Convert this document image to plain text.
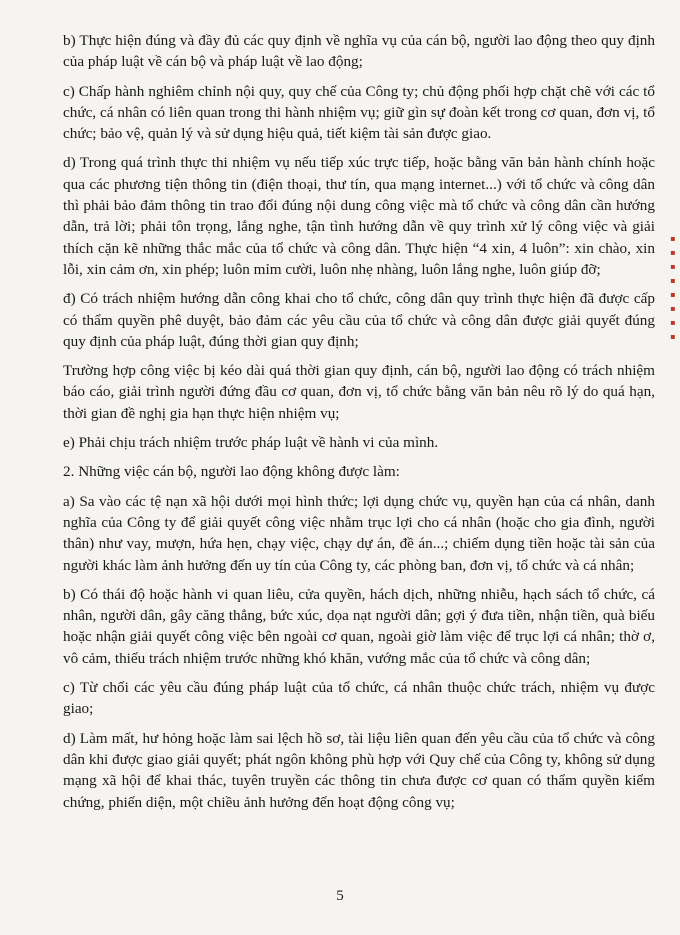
b) Thực hiện đúng và đầy đủ các quy định về nghĩa vụ của cán bộ, người lao động theo quy định của pháp luật về cán bộ và pháp luật về lao động;

c) Chấp hành nghiêm chỉnh nội quy, quy chế của Công ty; chủ động phối hợp chặt chẽ với các tổ chức, cá nhân có liên quan trong thi hành nhiệm vụ; giữ gìn sự đoàn kết trong cơ quan, đơn vị, tổ chức; bảo vệ, quản lý và sử dụng hiệu quả, tiết kiệm tài sản được giao.

d) Trong quá trình thực thi nhiệm vụ nếu tiếp xúc trực tiếp, hoặc bằng văn bản hành chính hoặc qua các phương tiện thông tin (điện thoại, thư tín, qua mạng internet...) với tổ chức và công dân thì phải bảo đảm thông tin trao đổi đúng nội dung công việc mà tổ chức và công dân cần hướng dẫn, trả lời; phải tôn trọng, lắng nghe, tận tình hướng dẫn về quy trình xử lý công việc và giải thích cặn kẽ những thắc mắc của tổ chức và công dân. Thực hiện “4 xin, 4 luôn”: xin chào, xin lỗi, xin cảm ơn, xin phép; luôn mỉm cười, luôn nhẹ nhàng, luôn lắng nghe, luôn giúp đỡ;

đ) Có trách nhiệm hướng dẫn công khai cho tổ chức, công dân quy trình thực hiện đã được cấp có thẩm quyền phê duyệt, bảo đảm các yêu cầu của tổ chức và công dân được giải quyết đúng quy định của pháp luật, đúng thời gian quy định;

Trường hợp công việc bị kéo dài quá thời gian quy định, cán bộ, người lao động có trách nhiệm báo cáo, giải trình người đứng đầu cơ quan, đơn vị, tổ chức bằng văn bản nêu rõ lý do quá hạn, thời gian đề nghị gia hạn thực hiện nhiệm vụ;

e) Phải chịu trách nhiệm trước pháp luật về hành vi của mình.

2. Những việc cán bộ, người lao động không được làm:

a) Sa vào các tệ nạn xã hội dưới mọi hình thức; lợi dụng chức vụ, quyền hạn của cá nhân, danh nghĩa của Công ty để giải quyết công việc nhằm trục lợi cho cá nhân (hoặc cho gia đình, người thân) như vay, mượn, hứa hẹn, chạy việc, chạy dự án, đề án...; chiếm dụng tiền hoặc tài sản của người khác làm ảnh hưởng đến uy tín của Công ty, các phòng ban, đơn vị, tổ chức và cá nhân;

b) Có thái độ hoặc hành vi quan liêu, cửa quyền, hách dịch, những nhiễu, hạch sách tổ chức, cá nhân, người dân, gây căng thẳng, bức xúc, dọa nạt người dân; gợi ý đưa tiền, nhận tiền, quà biếu hoặc nhận giải quyết công việc bên ngoài cơ quan, ngoài giờ làm việc để trục lợi cá nhân; thờ ơ, vô cảm, thiếu trách nhiệm trước những khó khăn, vướng mắc của tổ chức và công dân;

c) Từ chối các yêu cầu đúng pháp luật của tổ chức, cá nhân thuộc chức trách, nhiệm vụ được giao;

d) Làm mất, hư hỏng hoặc làm sai lệch hồ sơ, tài liệu liên quan đến yêu cầu của tổ chức và công dân khi được giao giải quyết; phát ngôn không phù hợp với Quy chế của Công ty, không sử dụng mạng xã hội để khai thác, tuyên truyền các thông tin chưa được cơ quan có thẩm quyền kiểm chứng, phiến diện, một chiều ảnh hưởng đến hoạt động công vụ;

5
▪
▪
▪
▪
▪
▪
▪
▪
